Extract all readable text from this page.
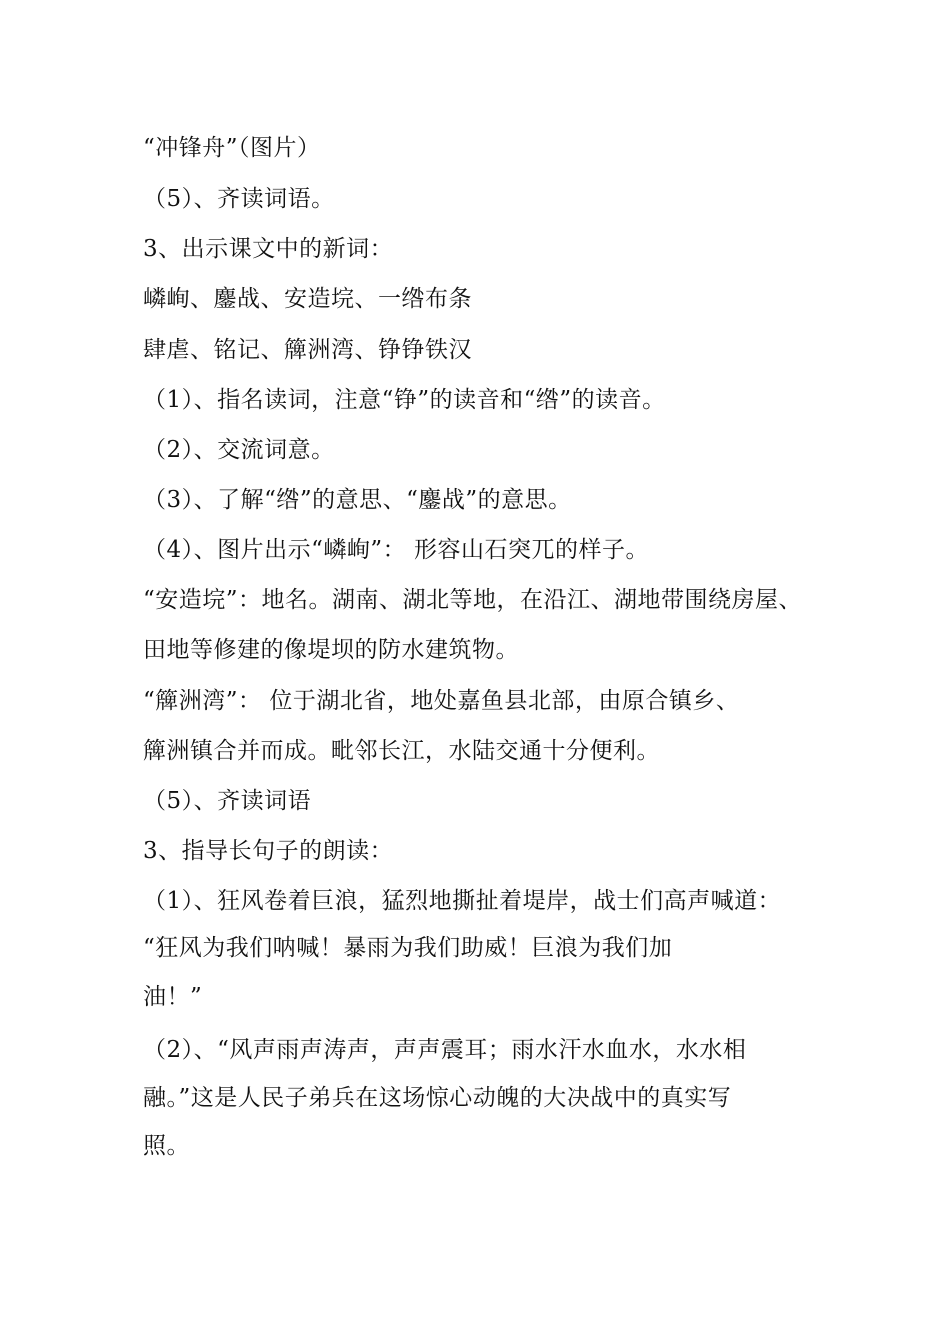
“冲锋舟”（图片）
（5）、齐读词语。
3、出示课文中的新词：
嶙峋、鏖战、安造垸、一绺布条
肆虐、铭记、簰洲湾、铮铮铁汉
（1）、指名读词，注意“铮”的读音和“绺”的读音。
（2）、交流词意。
（3）、了解“绺”的意思、“鏖战”的意思。
（4）、图片出示“嶙峋”： 形容山石突兀的样子。
“安造垸”：地名。湖南、湖北等地，在沿江、湖地带围绕房屋、
田地等修建的像堤坝的防水建筑物。
“簰洲湾”： 位于湖北省，地处嘉鱼县北部，由原合镇乡、
簰洲镇合并而成。毗邻长江，水陆交通十分便利。
（5）、齐读词语
3、指导长句子的朗读：
（1）、狂风卷着巨浪，猛烈地撕扯着堤岸，战士们高声喊道：
“狂风为我们呐喊！暴雨为我们助威！巨浪为我们加
油！”
（2）、“风声雨声涛声，声声震耳；雨水汗水血水，水水相
融。”这是人民子弟兵在这场惊心动魄的大决战中的真实写
照。
